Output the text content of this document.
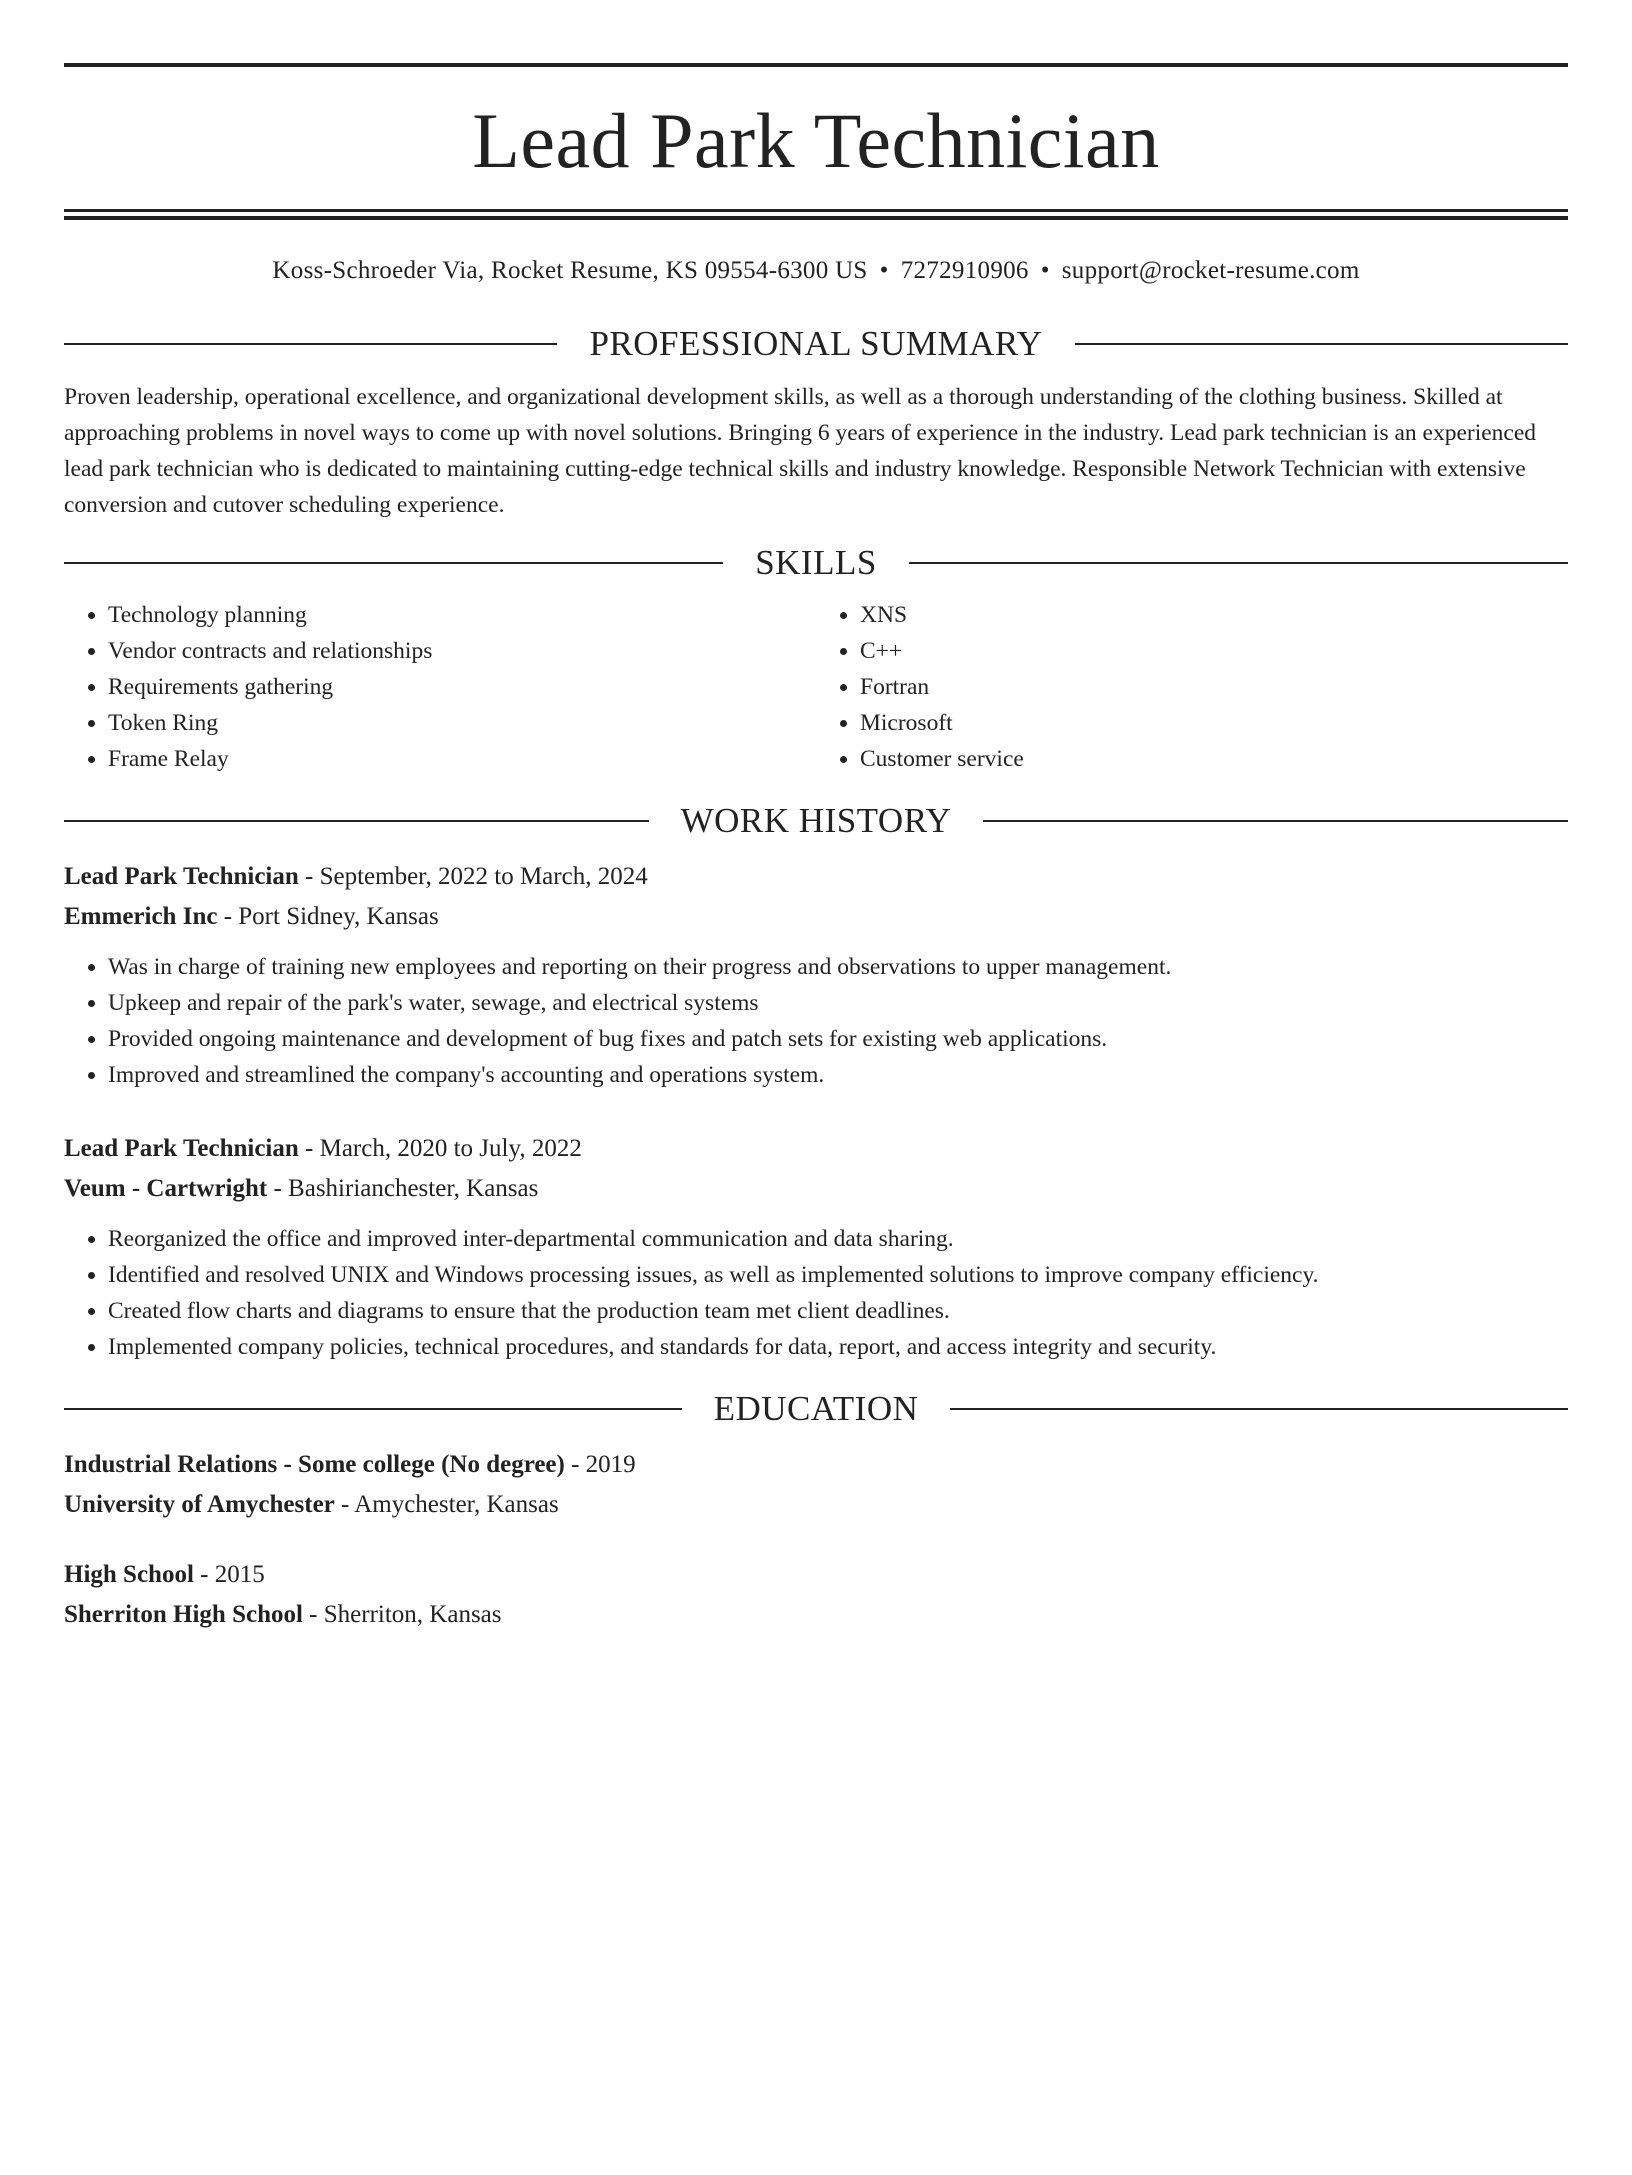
Lead Park Technician
Koss-Schroeder Via, Rocket Resume, KS 09554-6300 US • 7272910906 • support@rocket-resume.com
PROFESSIONAL SUMMARY
Proven leadership, operational excellence, and organizational development skills, as well as a thorough understanding of the clothing business. Skilled at approaching problems in novel ways to come up with novel solutions. Bringing 6 years of experience in the industry. Lead park technician is an experienced lead park technician who is dedicated to maintaining cutting-edge technical skills and industry knowledge. Responsible Network Technician with extensive conversion and cutover scheduling experience.
SKILLS
• Technology planning
• Vendor contracts and relationships
• Requirements gathering
• Token Ring
• Frame Relay
• XNS
• C++
• Fortran
• Microsoft
• Customer service
WORK HISTORY
Lead Park Technician - September, 2022 to March, 2024
Emmerich Inc - Port Sidney, Kansas
• Was in charge of training new employees and reporting on their progress and observations to upper management.
• Upkeep and repair of the park's water, sewage, and electrical systems
• Provided ongoing maintenance and development of bug fixes and patch sets for existing web applications.
• Improved and streamlined the company's accounting and operations system.
Lead Park Technician - March, 2020 to July, 2022
Veum - Cartwright - Bashirianchester, Kansas
• Reorganized the office and improved inter-departmental communication and data sharing.
• Identified and resolved UNIX and Windows processing issues, as well as implemented solutions to improve company efficiency.
• Created flow charts and diagrams to ensure that the production team met client deadlines.
• Implemented company policies, technical procedures, and standards for data, report, and access integrity and security.
EDUCATION
Industrial Relations - Some college (No degree) - 2019
University of Amychester - Amychester, Kansas
High School - 2015
Sherriton High School - Sherriton, Kansas
